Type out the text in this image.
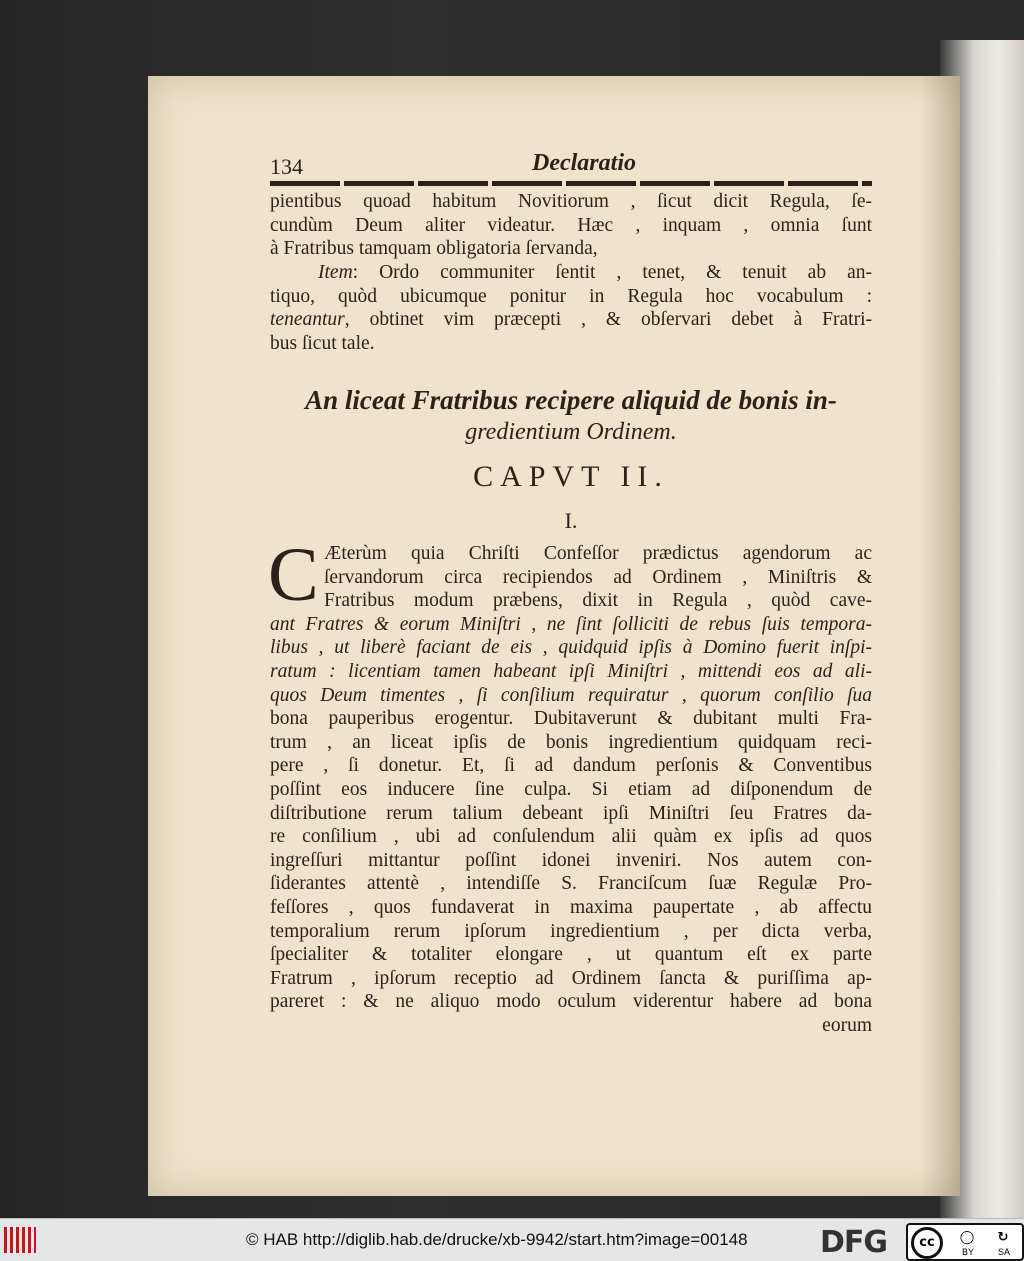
134	Declaratio
pientibus quoad habitum Novitiorum , ſicut dicit Regula, ſe-
cundùm Deum aliter videatur. Hæc , inquam , omnia ſunt
à Fratribus tamquam obligatoria ſervanda,
Item: Ordo communiter ſentit , tenet, & tenuit ab an-
tiquo, quòd ubicumque ponitur in Regula hoc vocabulum :
teneantur, obtinet vim præcepti , & obſervari debet à Fratri-
bus ſicut tale.
An liceat Fratribus recipere aliquid de bonis in-
gredientium Ordinem.
CAPVT II.
I.
C Æterùm quia Chriſti Confeſſor prædictus agendorum ac
ſervandorum circa recipiendos ad Ordinem , Miniſtris &
Fratribus modum præbens, dixit in Regula , quòd cave-
ant Fratres & eorum Miniſtri , ne ſint ſolliciti de rebus ſuis tempora-
libus , ut liberè faciant de eis , quidquid ipſis à Domino fuerit inſpi-
ratum : licentiam tamen habeant ipſi Miniſtri , mittendi eos ad ali-
quos Deum timentes , ſi conſilium requiratur , quorum conſilio ſua
bona pauperibus erogentur. Dubitaverunt & dubitant multi Fra-
trum , an liceat ipſis de bonis ingredientium quidquam reci-
pere , ſi donetur. Et, ſi ad dandum perſonis & Conventibus
poſſint eos inducere ſine culpa. Si etiam ad diſponendum de
diſtributione rerum talium debeant ipſi Miniſtri ſeu Fratres da-
re conſilium , ubi ad conſulendum alii quàm ex ipſis ad quos
ingreſſuri mittantur poſſint idonei inveniri. Nos autem con-
ſiderantes attentè , intendiſſe S. Franciſcum ſuæ Regulæ Pro-
feſſores , quos fundaverat in maxima paupertate , ab affectu
temporalium rerum ipſorum ingredientium , per dicta verba,
ſpecialiter & totaliter elongare , ut quantum eſt ex parte
Fratrum , ipſorum receptio ad Ordinem ſancta & puriſſima ap-
pareret : & ne aliquo modo oculum viderentur habere ad bona
eorum
© HAB http://diglib.hab.de/drucke/xb-9942/start.htm?image=00148 DFG	cc	◯	↻
BY	SA
